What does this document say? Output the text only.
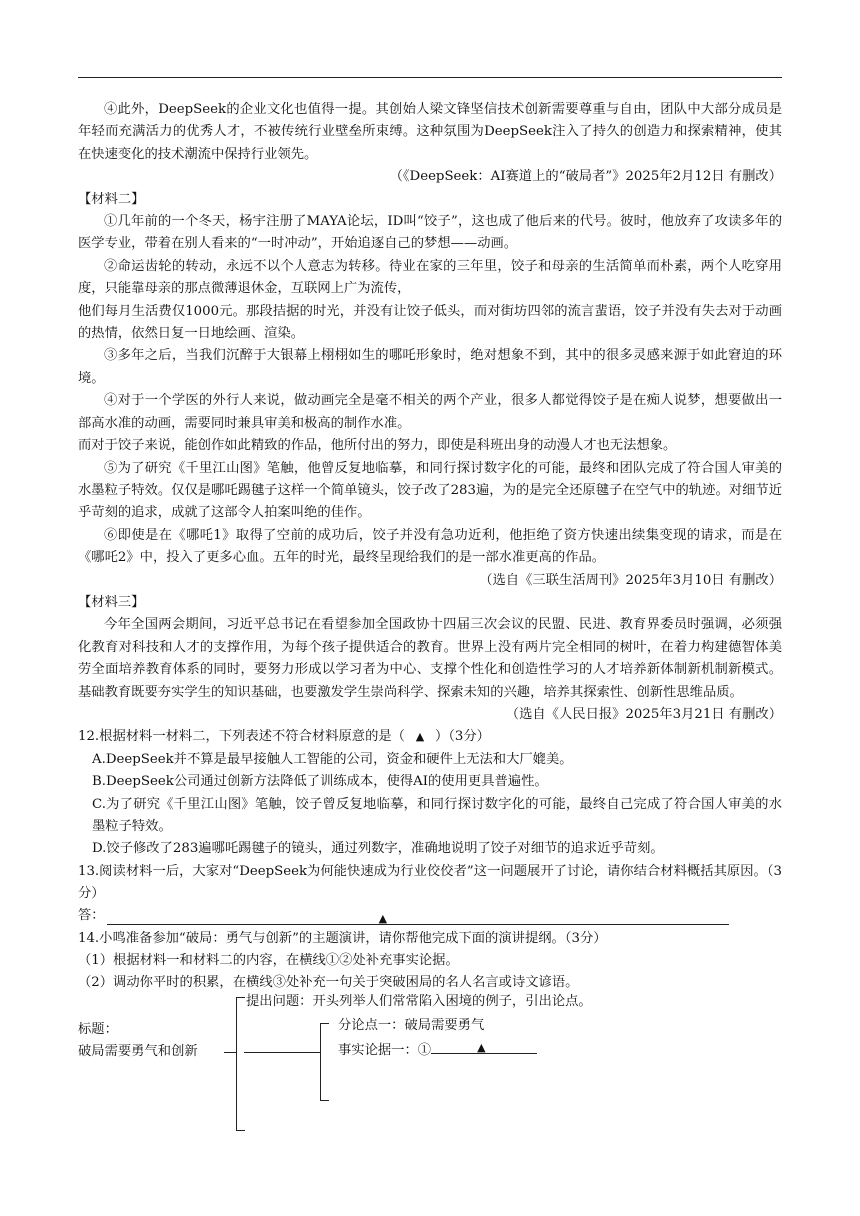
④此外，DeepSeek的企业文化也值得一提。其创始人梁文锋坚信技术创新需要尊重与自由，团队中大部分成员是年轻而充满活力的优秀人才，不被传统行业壁垒所束缚。这种氛围为DeepSeek注入了持久的创造力和探索精神，使其在快速变化的技术潮流中保持行业领先。

（《DeepSeek：AI赛道上的“破局者”》2025年2月12日 有删改）

【材料二】

①几年前的一个冬天，杨宇注册了MAYA论坛，ID叫“饺子”，这也成了他后来的代号。彼时，他放弃了攻读多年的医学专业，带着在别人看来的“一时冲动”，开始追逐自己的梦想——动画。

②命运齿轮的转动，永远不以个人意志为转移。待业在家的三年里，饺子和母亲的生活简单而朴素，两个人吃穿用度，只能靠母亲的那点微薄退休金，互联网上广为流传，

他们每月生活费仅1000元。那段拮据的时光，并没有让饺子低头，而对街坊四邻的流言蜚语，饺子并没有失去对于动画的热情，依然日复一日地绘画、渲染。

③多年之后，当我们沉醉于大银幕上栩栩如生的哪吒形象时，绝对想象不到，其中的很多灵感来源于如此窘迫的环境。

④对于一个学医的外行人来说，做动画完全是毫不相关的两个产业，很多人都觉得饺子是在痴人说梦，想要做出一部高水准的动画，需要同时兼具审美和极高的制作水准。

而对于饺子来说，能创作如此精致的作品，他所付出的努力，即使是科班出身的动漫人才也无法想象。

⑤为了研究《千里江山图》笔触，他曾反复地临摹，和同行探讨数字化的可能，最终和团队完成了符合国人审美的水墨粒子特效。仅仅是哪吒踢毽子这样一个简单镜头，饺子改了283遍，为的是完全还原毽子在空气中的轨迹。对细节近乎苛刻的追求，成就了这部令人拍案叫绝的佳作。

⑥即使是在《哪吒1》取得了空前的成功后，饺子并没有急功近利，他拒绝了资方快速出续集变现的请求，而是在《哪吒2》中，投入了更多心血。五年的时光，最终呈现给我们的是一部水准更高的作品。

（选自《三联生活周刊》2025年3月10日 有删改）

【材料三】

今年全国两会期间，习近平总书记在看望参加全国政协十四届三次会议的民盟、民进、教育界委员时强调，必须强化教育对科技和人才的支撑作用，为每个孩子提供适合的教育。世界上没有两片完全相同的树叶，在着力构建德智体美劳全面培养教育体系的同时，要努力形成以学习者为中心、支撑个性化和创造性学习的人才培养新体制新机制新模式。基础教育既要夯实学生的知识基础，也要激发学生崇尚科学、探索未知的兴趣，培养其探索性、创新性思维品质。

（选自《人民日报》2025年3月21日 有删改）

12.根据材料一材料二，下列表述不符合材料原意的是（ ▲ ）（3分）

A.DeepSeek并不算是最早接触人工智能的公司，资金和硬件上无法和大厂媲美。

B.DeepSeek公司通过创新方法降低了训练成本，使得AI的使用更具普遍性。

C.为了研究《千里江山图》笔触，饺子曾反复地临摹，和同行探讨数字化的可能，最终自己完成了符合国人审美的水墨粒子特效。

D.饺子修改了283遍哪吒踢毽子的镜头，通过列数字，准确地说明了饺子对细节的追求近乎苛刻。

13.阅读材料一后，大家对“DeepSeek为何能快速成为行业佼佼者”这一问题展开了讨论，请你结合材料概括其原因。（3分）

答：	▲

14.小鸣准备参加“破局：勇气与创新”的主题演讲，请你帮他完成下面的演讲提纲。（3分）

（1）根据材料一和材料二的内容，在横线①②处补充事实论据。

（2）调动你平时的积累，在横线③处补充一句关于突破困局的名人名言或诗文谚语。

标题：
破局需要勇气和创新
提出问题：开头列举人们常常陷入困境的例子，引出论点。
分论点一：破局需要勇气
事实论据一：①	▲
